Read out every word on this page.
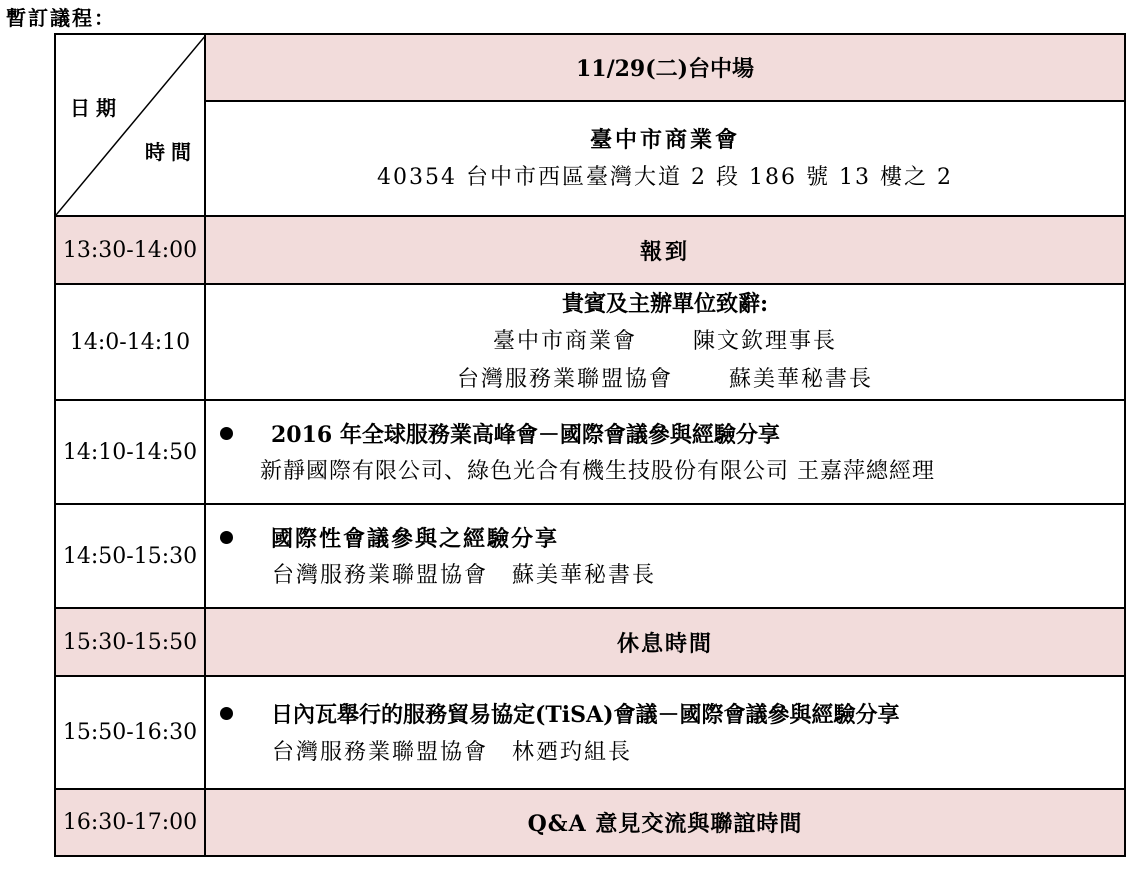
暫訂議程：
日期
時間	11/29(二)台中場

	臺中市商業會
40354 台中市西區臺灣大道 2 段 186 號 13 樓之 2

13:30-14:00	報到
14:0-14:10	貴賓及主辦單位致辭:
臺中市商業會 陳文欽理事長
台灣服務業聯盟協會 蘇美華秘書長

14:10-14:50	2016 年全球服務業高峰會－國際會議參與經驗分享
新靜國際有限公司、綠色光合有機生技股份有限公司 王嘉萍總經理

14:50-15:30	國際性會議參與之經驗分享
台灣服務業聯盟協會　蘇美華秘書長

15:30-15:50	休息時間
15:50-16:30	日內瓦舉行的服務貿易協定(TiSA)會議－國際會議參與經驗分享
台灣服務業聯盟協會　林廼玓組長

16:30-17:00	Q&A 意見交流與聯誼時間
